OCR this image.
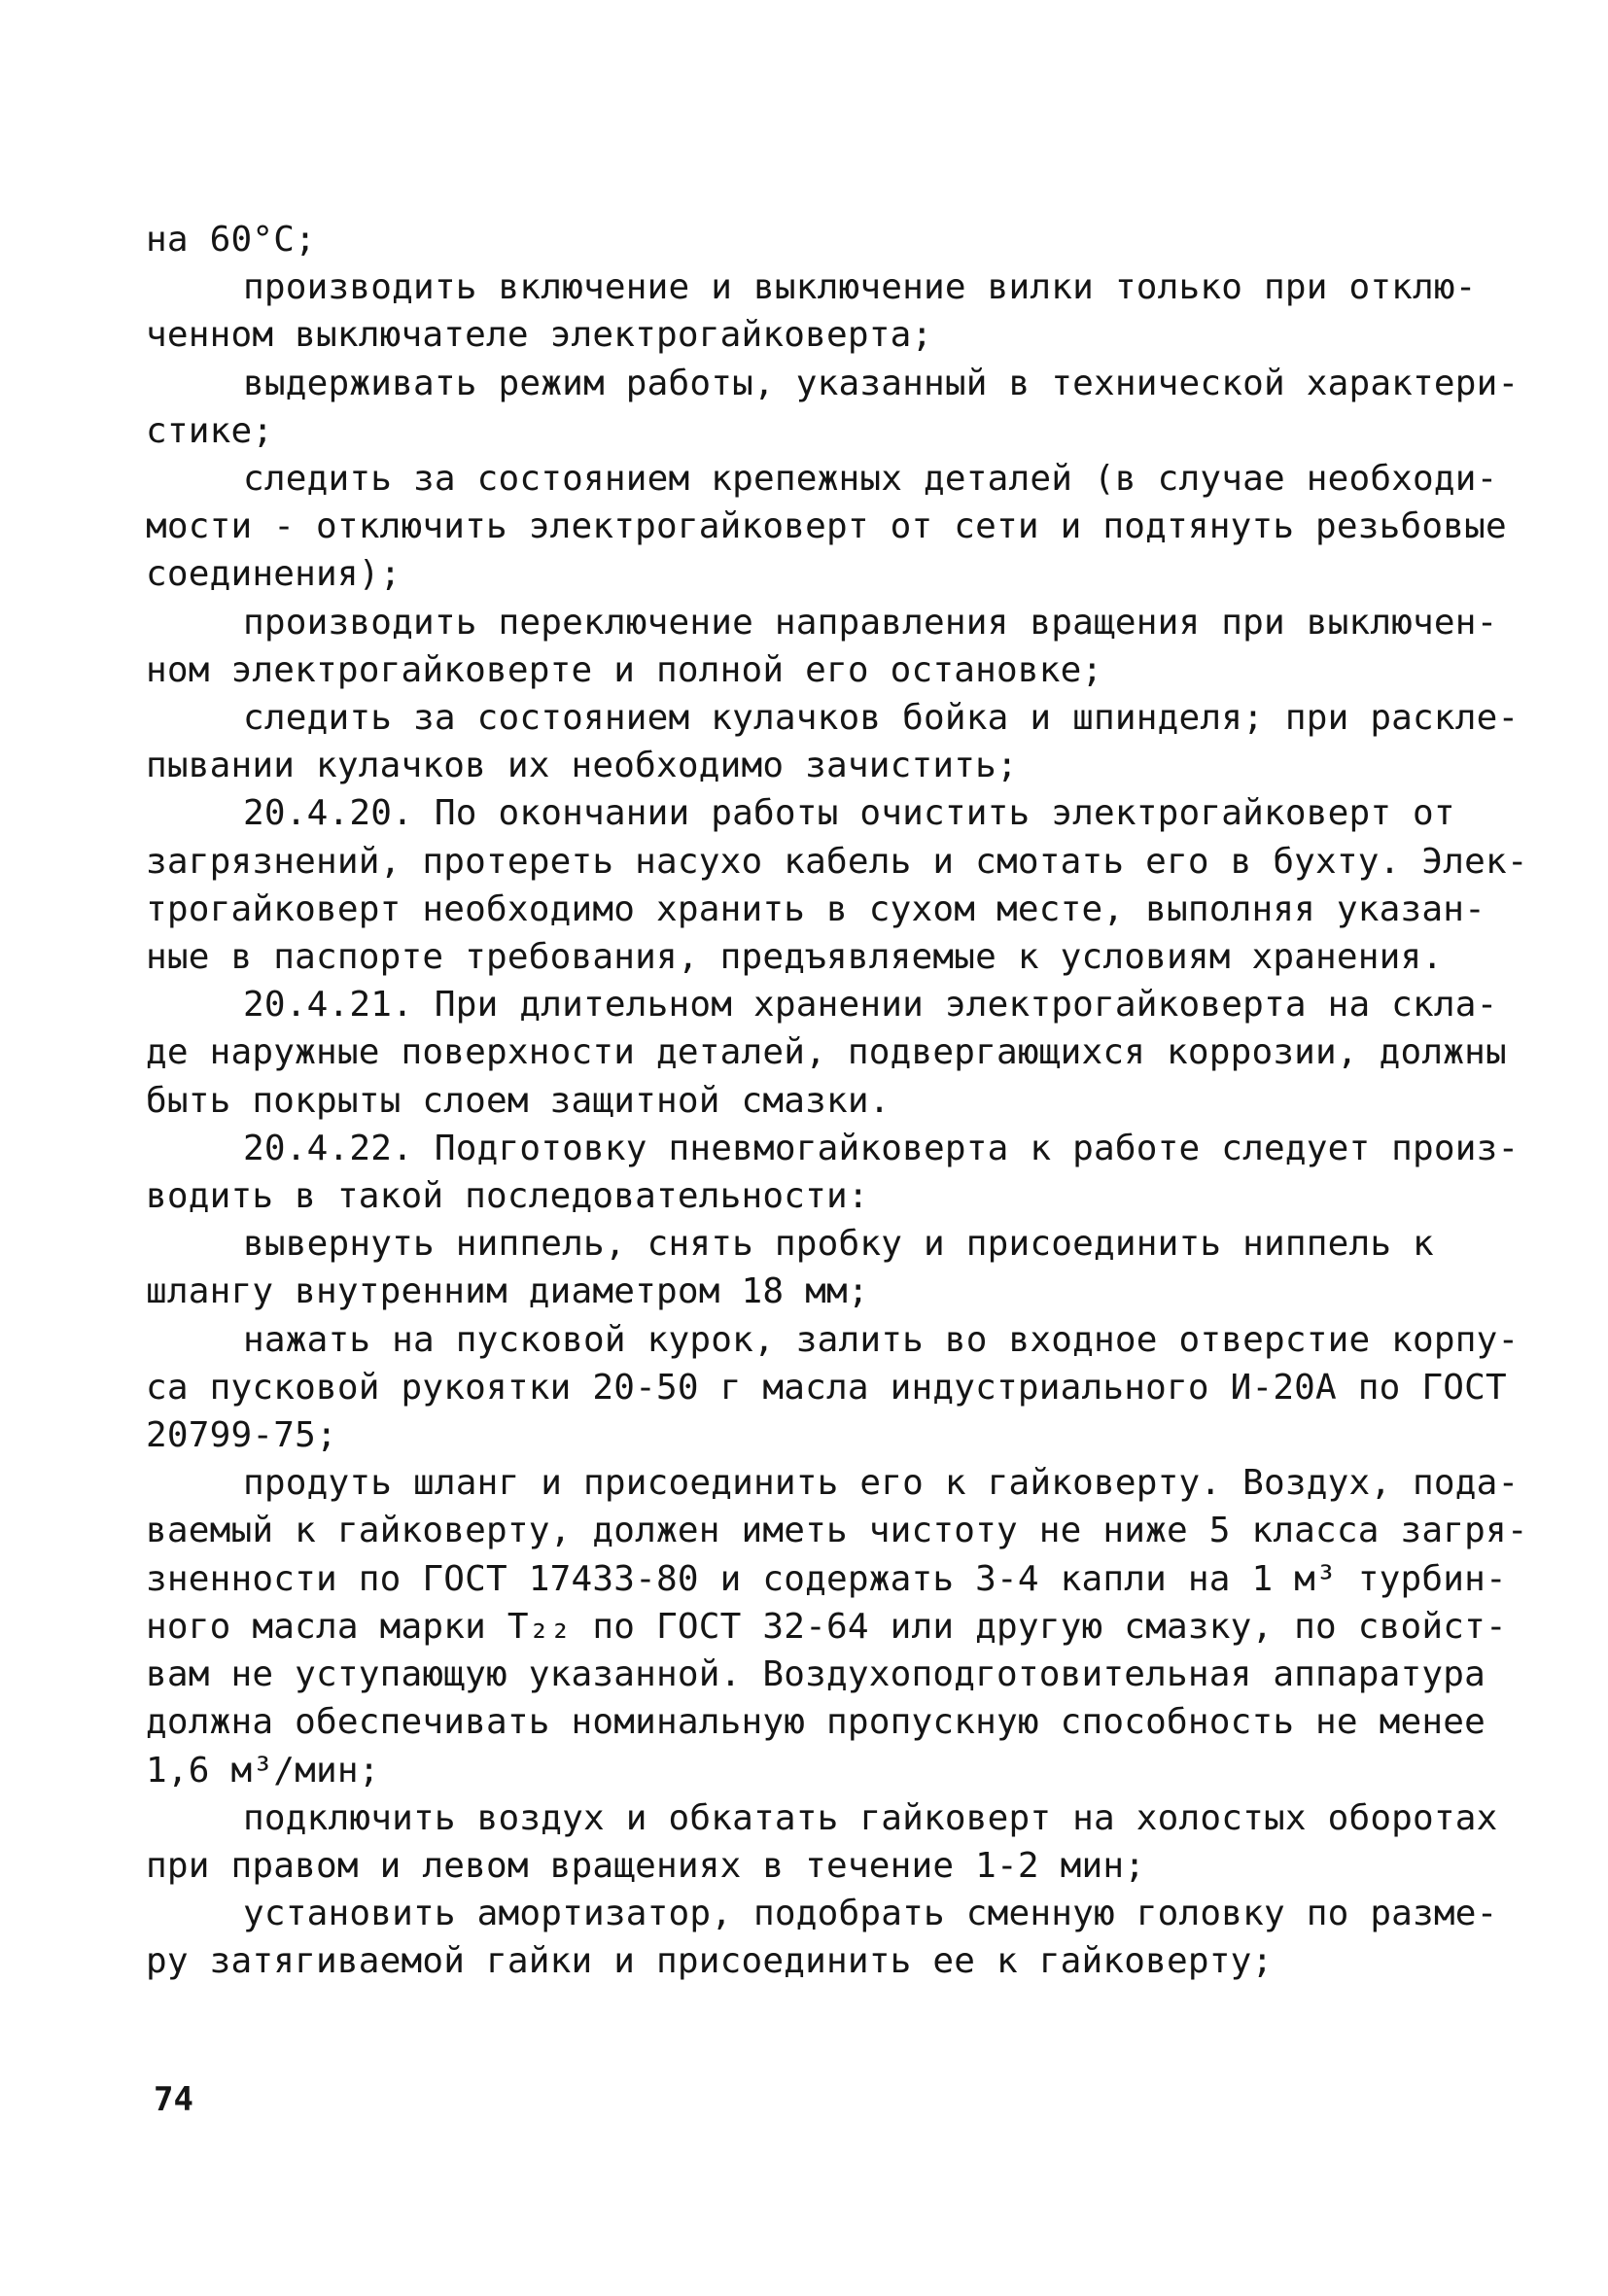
на 60°С;
производить включение и выключение вилки только при отклю-
ченном выключателе электрогайковерта;
выдерживать режим работы, указанный в технической характери-
стике;
следить за состоянием крепежных деталей (в случае необходи-
мости - отключить электрогайковерт от сети и подтянуть резьбовые
соединения);
производить переключение направления вращения при выключен-
ном электрогайковерте и полной его остановке;
следить за состоянием кулачков бойка и шпинделя; при раскле-
пывании кулачков их необходимо зачистить;
20.4.20. По окончании работы очистить электрогайковерт от
загрязнений, протереть насухо кабель и смотать его в бухту. Элек-
трогайковерт необходимо хранить в сухом месте, выполняя указан-
ные в паспорте требования, предъявляемые к условиям хранения.
20.4.21. При длительном хранении электрогайковерта на скла-
де наружные поверхности деталей, подвергающихся коррозии, должны
быть покрыты слоем защитной смазки.
20.4.22. Подготовку пневмогайковерта к работе следует произ-
водить в такой последовательности:
вывернуть ниппель, снять пробку и присоединить ниппель к
шлангу внутренним диаметром 18 мм;
нажать на пусковой курок, залить во входное отверстие корпу-
са пусковой рукоятки 20-50 г масла индустриального И-20А по ГОСТ
20799-75;
продуть шланг и присоединить его к гайковерту. Воздух, пода-
ваемый к гайковерту, должен иметь чистоту не ниже 5 класса загря-
зненности по ГОСТ 17433-80 и содержать 3-4 капли на 1 м³ турбин-
ного масла марки Т₂₂ по ГОСТ 32-64 или другую смазку, по свойст-
вам не уступающую указанной. Воздухоподготовительная аппаратура
должна обеспечивать номинальную пропускную способность не менее
1,6 м³/мин;
подключить воздух и обкатать гайковерт на холостых оборотах
при правом и левом вращениях в течение 1-2 мин;
установить амортизатор, подобрать сменную головку по разме-
ру затягиваемой гайки и присоединить ее к гайковерту;
74
